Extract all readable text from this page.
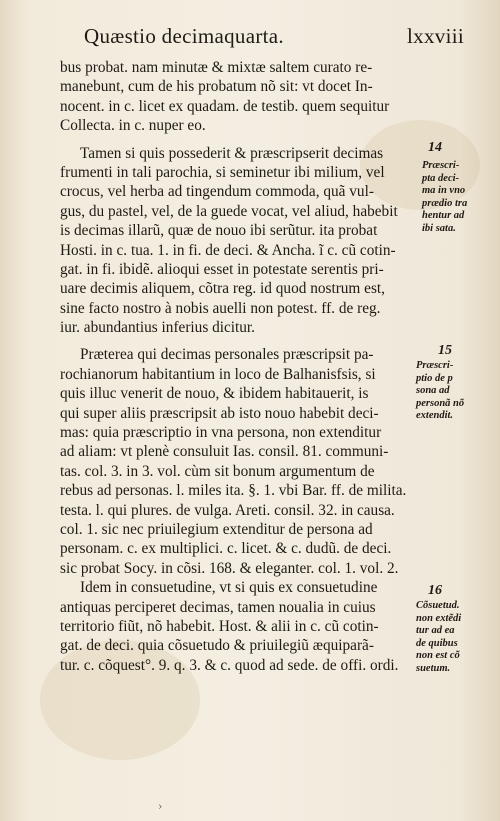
Quæstio decimaquarta.	lxxviii
bus probat. nam minutæ & mixtæ saltem curato re-
manebunt, cum de his probatum nõ sit: vt docet In-
nocent. in c. licet ex quadam. de testib. quem sequitur
Collecta. in c. nuper eo.
Tamen si quis possederit & præscripserit decimas
frumenti in tali parochia, si seminetur ibi milium, vel
crocus, vel herba ad tingendum commoda, quã vul-
gus, du pastel, vel, de la guede vocat, vel aliud, habebit
is decimas illarũ, quæ de nouo ibi serũtur. ita probat
Hosti. in c. tua. 1. in fi. de deci. & Ancha. ĩ c. cũ cotin-
gat. in fi. ibidẽ. alioqui esset in potestate serentis pri-
uare decimis aliquem, cõtra reg. id quod nostrum est,
sine facto nostro à nobis auelli non potest. ff. de reg.
iur. abundantius inferius dicitur.
Præterea qui decimas personales præscripsit pa-
rochianorum habitantium in loco de Balhanisfsis, si
quis illuc venerit de nouo, & ibidem habitauerit, is
qui super aliis præscripsit ab isto nouo habebit deci-
mas: quia præscriptio in vna persona, non extenditur
ad aliam: vt plenè consuluit Ias. consil. 81. communi-
tas. col. 3. in 3. vol. cùm sit bonum argumentum de
rebus ad personas. l. miles ita. §. 1. vbi Bar. ff. de milita.
testa. l. qui plures. de vulga. Areti. consil. 32. in causa.
col. 1. sic nec priuilegium extenditur de persona ad
personam. c. ex multiplici. c. licet. & c. dudũ. de deci.
sic probat Socy. in cõsi. 168. & eleganter. col. 1. vol. 2.
Idem in consuetudine, vt si quis ex consuetudine
antiquas perciperet decimas, tamen noualia in cuius
territorio fiũt, nõ habebit. Host. & alii in c. cũ cotin-
gat. de deci. quia cõsuetudo & priuilegiũ æquiparã-
tur. c. cõquest°. 9. q. 3. & c. quod ad sede. de offi. ordi.
14
15
16
Præscri-
pta deci-
ma in vno
prædio tra
hentur ad
ibi sata.
Præscri-
ptio de p
sona ad
personã nõ
extendit.
Cõsuetud.
non extẽdi
tur ad ea
de quibus
non est cõ
suetum.
›
